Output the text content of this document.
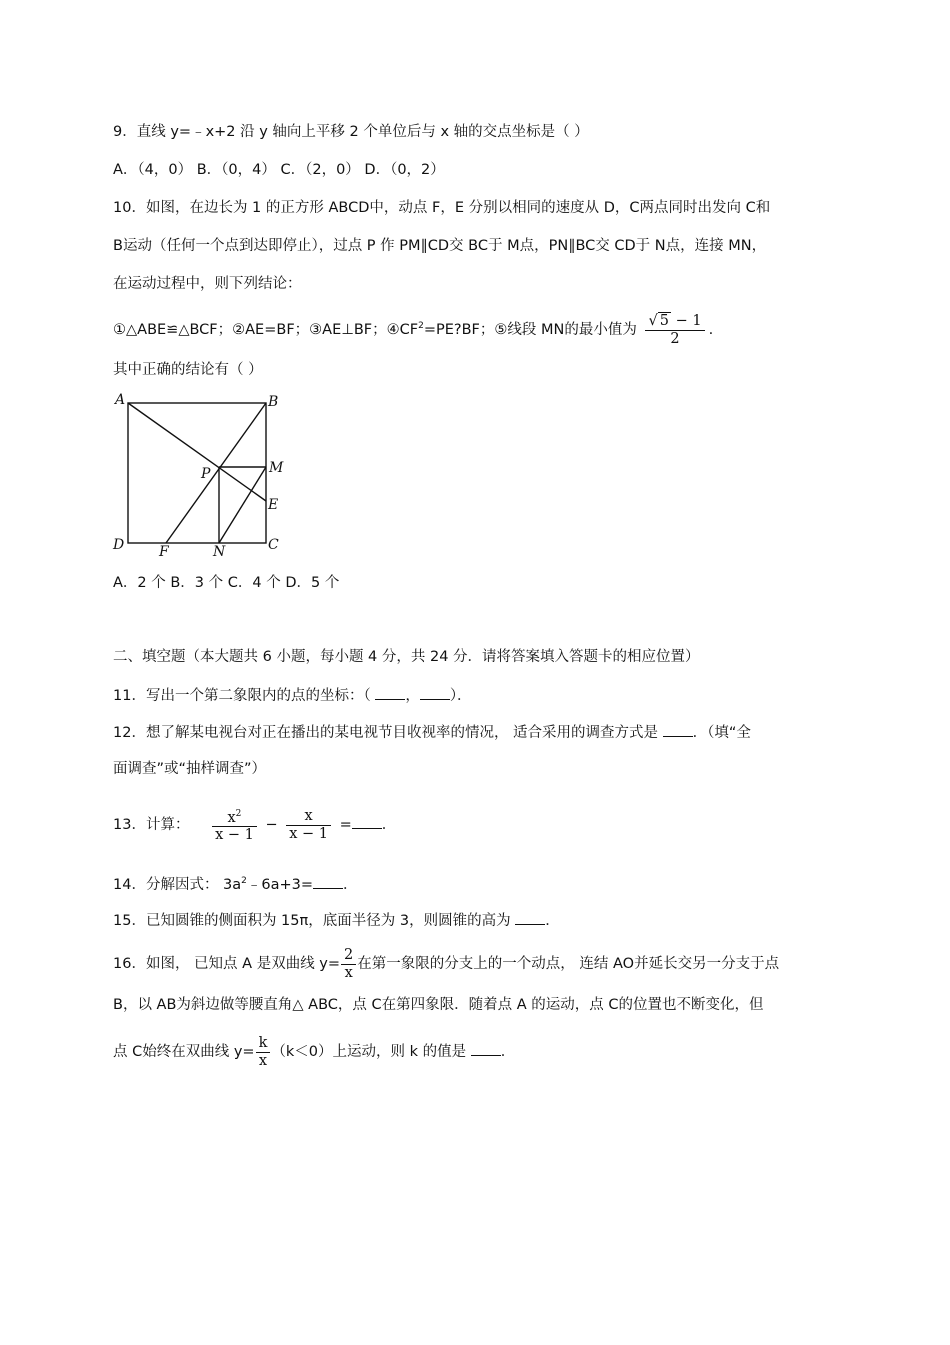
9．直线 y=﹣x+2 沿 y 轴向上平移 2 个单位后与 x 轴的交点坐标是（ ）
A．（4，0） B．（0，4） C．（2，0） D．（0，2）
10．如图，在边长为 1 的正方形 ABCD中，动点 F，E 分别以相同的速度从 D，C两点同时出发向 C和
B运动（任何一个点到达即停止），过点 P 作 PM∥CD交 BC于 M点，PN∥BC交 CD于 N点，连接 MN，
在运动过程中，则下列结论：
①△ABE≌△BCF；②AE=BF；③AE⊥BF；$④CF^2=PE?BF$；⑤线段 MN的最小值为 $\frac{√ 5 - 1}{2}$ .
其中正确的结论有（ ）
A	B
C
D
E
F
M
N
P
A．2 个 B．3 个 C．4 个 D．5 个
二、填空题（本大题共 6 小题，每小题 4 分，共 24 分．请将答案填入答题卡的相应位置）
11．写出一个第二象限内的点的坐标：（ ， ）．
12．想了解某电视台对正在播出的某电视节目收视率的情况， 适合采用的调查方式是 ．（填“全
面调查”或“抽样调查”）
13．计算： $\frac{x^2}{x - 1} - \frac{x}{x - 1}$ = ．
14．分解因式： $3a^2﹣6a+3=$ ．
15．已知圆锥的侧面积为 15π，底面半径为 3，则圆锥的高为 ．
16．如图， 已知点 A 是双曲线 $y= \frac{2}{x}$ 在第一象限的分支上的一个动点， 连结 AO并延长交另一分支于点
B，以 AB为斜边做等腰直角△ ABC，点 C在第四象限．随着点 A 的运动，点 C的位置也不断变化，但
点 C始终在双曲线 $y= \frac{k}{x} (k<0)$上运动，则 k 的值是 ．
